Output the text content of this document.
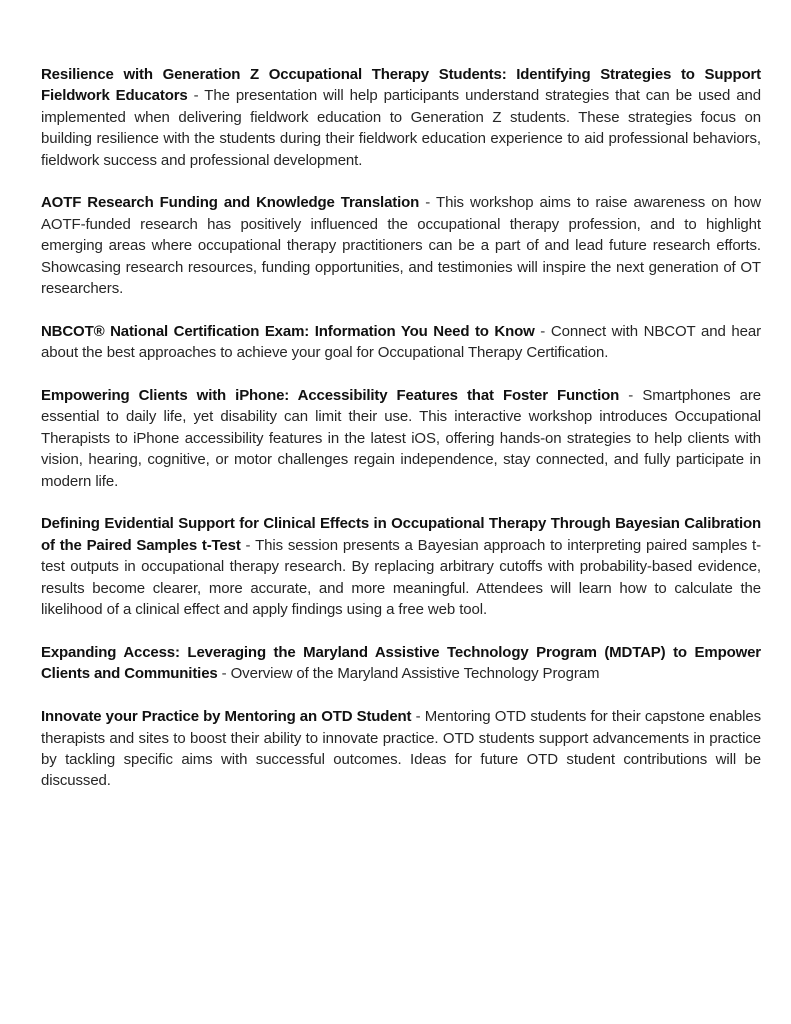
Resilience with Generation Z Occupational Therapy Students: Identifying Strategies to Support Fieldwork Educators - The presentation will help participants understand strategies that can be used and implemented when delivering fieldwork education to Generation Z students. These strategies focus on building resilience with the students during their fieldwork education experience to aid professional behaviors, fieldwork success and professional development.

AOTF Research Funding and Knowledge Translation - This workshop aims to raise awareness on how AOTF-funded research has positively influenced the occupational therapy profession, and to highlight emerging areas where occupational therapy practitioners can be a part of and lead future research efforts. Showcasing research resources, funding opportunities, and testimonies will inspire the next generation of OT researchers.

NBCOT® National Certification Exam: Information You Need to Know - Connect with NBCOT and hear about the best approaches to achieve your goal for Occupational Therapy Certification.

Empowering Clients with iPhone: Accessibility Features that Foster Function - Smartphones are essential to daily life, yet disability can limit their use. This interactive workshop introduces Occupational Therapists to iPhone accessibility features in the latest iOS, offering hands-on strategies to help clients with vision, hearing, cognitive, or motor challenges regain independence, stay connected, and fully participate in modern life.

Defining Evidential Support for Clinical Effects in Occupational Therapy Through Bayesian Calibration of the Paired Samples t-Test - This session presents a Bayesian approach to interpreting paired samples t-test outputs in occupational therapy research. By replacing arbitrary cutoffs with probability-based evidence, results become clearer, more accurate, and more meaningful. Attendees will learn how to calculate the likelihood of a clinical effect and apply findings using a free web tool.

Expanding Access: Leveraging the Maryland Assistive Technology Program (MDTAP) to Empower Clients and Communities - Overview of the Maryland Assistive Technology Program

Innovate your Practice by Mentoring an OTD Student - Mentoring OTD students for their capstone enables therapists and sites to boost their ability to innovate practice. OTD students support advancements in practice by tackling specific aims with successful outcomes. Ideas for future OTD student contributions will be discussed.
